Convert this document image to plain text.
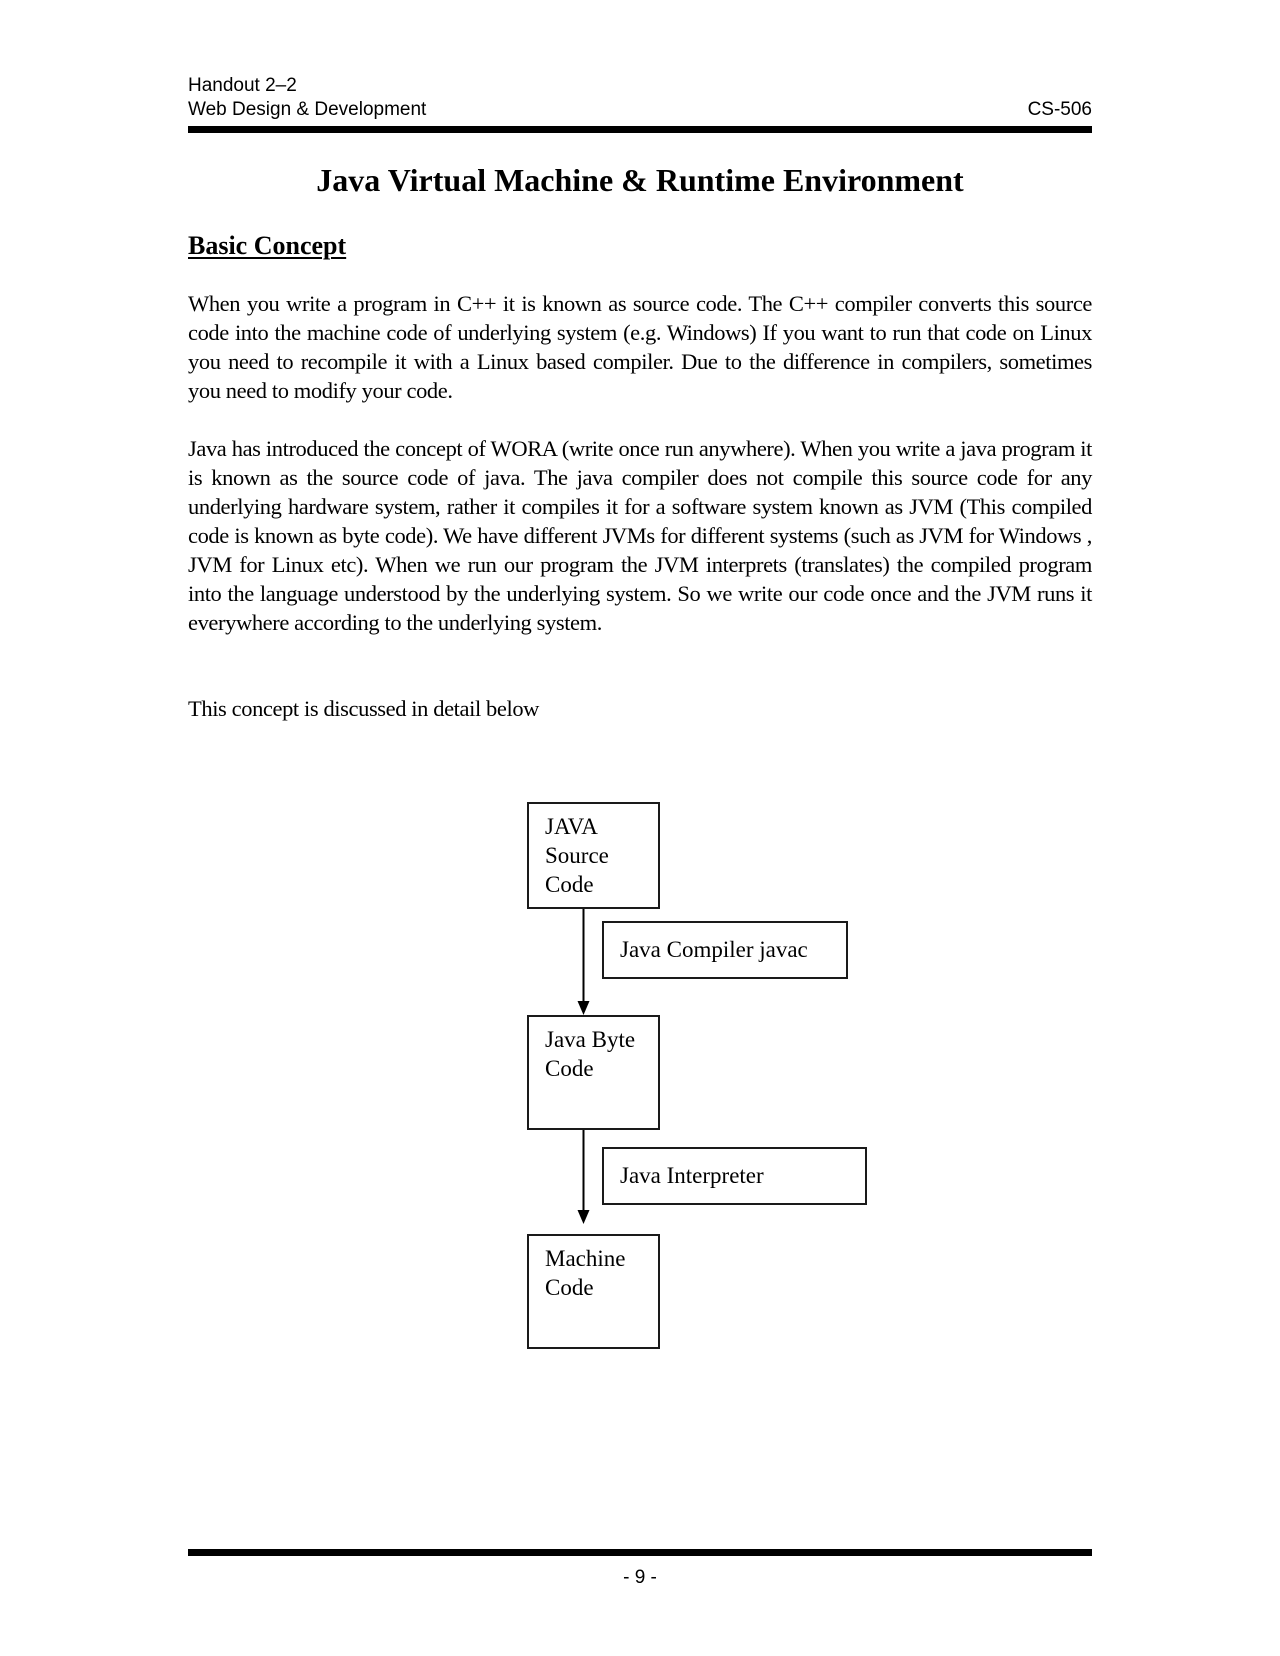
Handout 2–2
Web Design & Development	CS-506
Java Virtual Machine & Runtime Environment
Basic Concept
When you write a program in C++ it is known as source code. The C++ compiler converts this source code into the machine code of underlying system (e.g. Windows) If you want to run that code on Linux you need to recompile it with a Linux based compiler. Due to the difference in compilers, sometimes you need to modify your code.
Java has introduced the concept of WORA (write once run anywhere). When you write a java program it is known as the source code of java. The java compiler does not compile this source code for any underlying hardware system, rather it compiles it for a software system known as JVM (This compiled code is known as byte code). We have different JVMs for different systems (such as JVM for Windows , JVM for Linux etc). When we run our program the JVM interprets (translates) the compiled program into the language understood by the underlying system. So we write our code once and the JVM runs it everywhere according to the underlying system.
This concept is discussed in detail below
JAVA
Source
Code
Java Compiler javac
Java Byte
Code
Java Interpreter
Machine
Code
- 9 -
